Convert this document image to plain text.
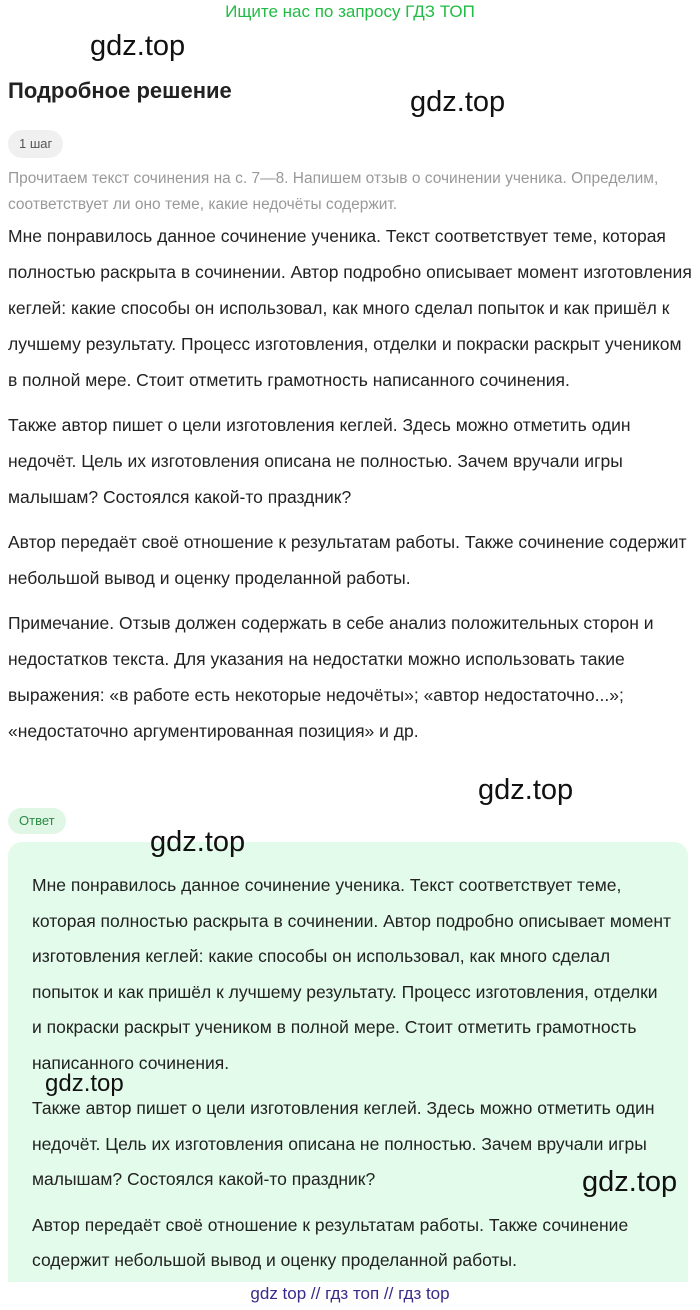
Ищите нас по запросу ГДЗ ТОП
gdz.top
Подробное решение	gdz.top
1 шаг
Прочитаем текст сочинения на с. 7—8. Напишем отзыв о сочинении ученика. Определим, соответствует ли оно теме, какие недочёты содержит.

Мне понравилось данное сочинение ученика. Текст соответствует теме, которая полностью раскрыта в сочинении. Автор подробно описывает момент изготовления кеглей: какие способы он использовал, как много сделал попыток и как пришёл к лучшему результату. Процесс изготовления, отделки и покраски раскрыт учеником в полной мере. Стоит отметить грамотность написанного сочинения.

Также автор пишет о цели изготовления кеглей. Здесь можно отметить один недочёт. Цель их изготовления описана не полностью. Зачем вручали игры малышам? Состоялся какой-то праздник?

Автор передаёт своё отношение к результатам работы. Также сочинение содержит небольшой вывод и оценку проделанной работы.

Примечание. Отзыв должен содержать в себе анализ положительных сторон и недостатков текста. Для указания на недостатки можно использовать такие выражения: «в работе есть некоторые недочёты»; «автор недостаточно...»; «недостаточно аргументированная позиция» и др.

gdz.top
Ответ

Мне понравилось данное сочинение ученика. Текст соответствует теме, которая полностью раскрыта в сочинении. Автор подробно описывает момент изготовления кеглей: какие способы он использовал, как много сделал попыток и как пришёл к лучшему результату. Процесс изготовления, отделки и покраски раскрыт учеником в полной мере. Стоит отметить грамотность написанного сочинения.

Также автор пишет о цели изготовления кеглей. Здесь можно отметить один недочёт. Цель их изготовления описана не полностью. Зачем вручали игры малышам? Состоялся какой-то праздник?

Автор передаёт своё отношение к результатам работы. Также сочинение содержит небольшой вывод и оценку проделанной работы.

gdz.top
gdz.top
gdz.top
gdz top // гдз топ // гдз top
